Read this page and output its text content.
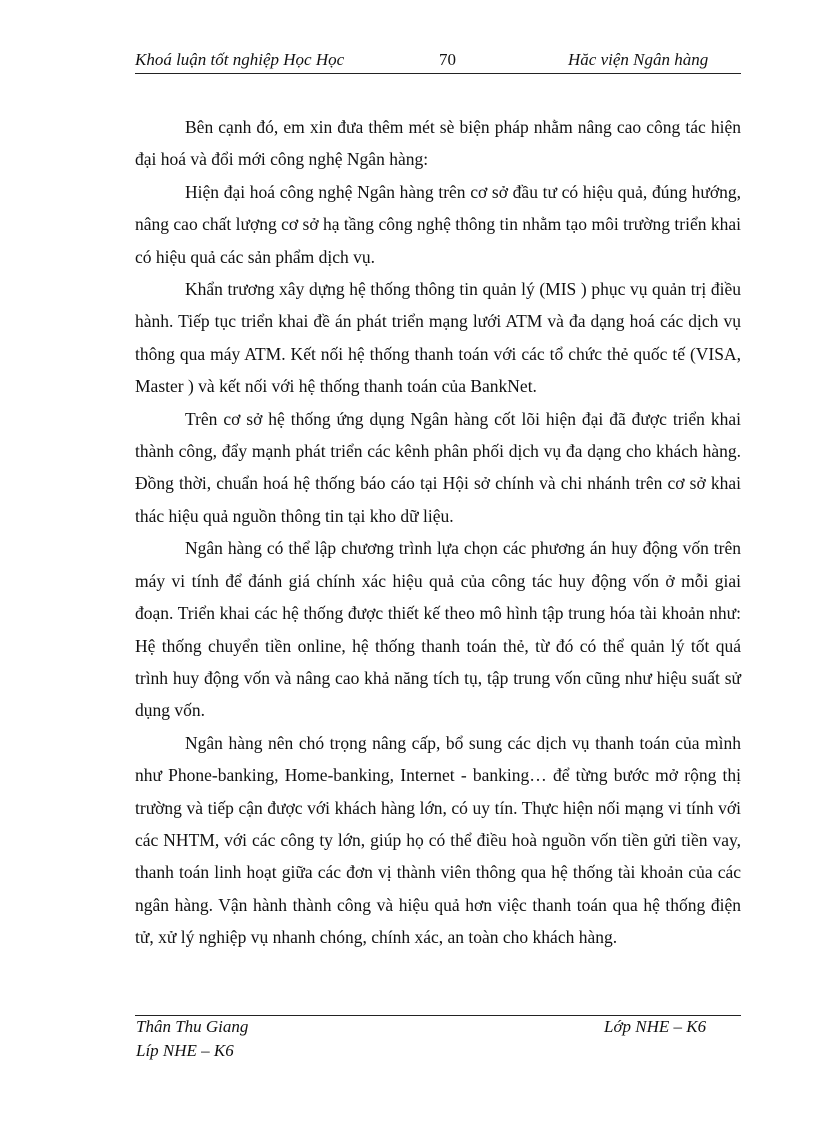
Khoá luận tốt nghiệp Học Học	70	Hăc viện Ngân hàng

Bên cạnh đó, em xin đưa thêm mét sè biện pháp nhằm nâng cao công tác hiện đại hoá và đổi mới công nghệ Ngân hàng:

Hiện đại hoá công nghệ Ngân hàng trên cơ sở đầu tư có hiệu quả, đúng hướng, nâng cao chất lượng cơ sở hạ tầng công nghệ thông tin nhằm tạo môi trường triển khai có hiệu quả các sản phẩm dịch vụ.

Khẩn trương xây dựng hệ thống thông tin quản lý (MIS ) phục vụ quản trị điều hành. Tiếp tục triển khai đề án phát triển mạng lưới ATM và đa dạng hoá các dịch vụ thông qua máy ATM. Kết nối hệ thống thanh toán với các tổ chức thẻ quốc tế (VISA, Master ) và kết nối với hệ thống thanh toán của BankNet.

Trên cơ sở hệ thống ứng dụng Ngân hàng cốt lõi hiện đại đã được triển khai thành công, đẩy mạnh phát triển các kênh phân phối dịch vụ đa dạng cho khách hàng. Đồng thời, chuẩn hoá hệ thống báo cáo tại Hội sở chính và chi nhánh trên cơ sở khai thác hiệu quả nguồn thông tin tại kho dữ liệu.

Ngân hàng có thể lập chương trình lựa chọn các phương án huy động vốn trên máy vi tính để đánh giá chính xác hiệu quả của công tác huy động vốn ở mỗi giai đoạn. Triển khai các hệ thống được thiết kế theo mô hình tập trung hóa tài khoản như: Hệ thống chuyển tiền online, hệ thống thanh toán thẻ, từ đó có thể quản lý tốt quá trình huy động vốn và nâng cao khả năng tích tụ, tập trung vốn cũng như hiệu suất sử dụng vốn.

Ngân hàng nên chó trọng nâng cấp, bổ sung các dịch vụ thanh toán của mình như Phone-banking, Home-banking, Internet - banking… để từng bước mở rộng thị trường và tiếp cận được với khách hàng lớn, có uy tín. Thực hiện nối mạng vi tính với các NHTM, với các công ty lớn, giúp họ có thể điều hoà nguồn vốn tiền gửi tiền vay, thanh toán linh hoạt giữa các đơn vị thành viên thông qua hệ thống tài khoản của các ngân hàng. Vận hành thành công và hiệu quả hơn việc thanh toán qua hệ thống điện tử, xử lý nghiệp vụ nhanh chóng, chính xác, an toàn cho khách hàng.

Thân Thu Giang	Lớp NHE – K6
Líp NHE – K6
